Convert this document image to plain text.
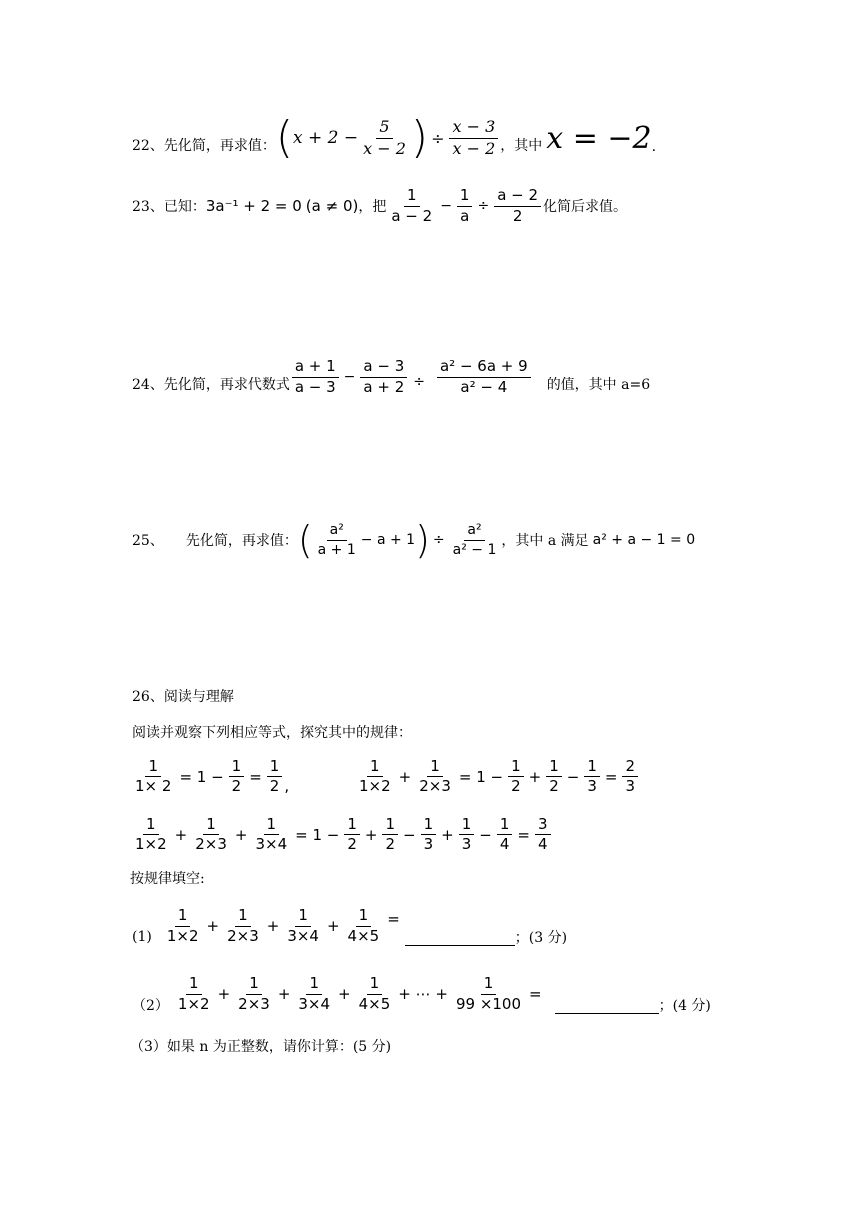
22、先化简，再求值： ( $x + 2 - \frac{5}{x - 2}$ ) ÷ $\frac{x - 3}{x - 2}$ ，其中 x = −2 .
23、已知： 3a⁻¹ + 2 = 0 (a ≠ 0) ，把 $\frac{1}{a - 2} - \frac{1}{a} \div \frac{a - 2}{2}$ 化简后求值。
24、先化简，再求代数式 $\frac{a + 1}{a - 3} - \frac{a - 3}{a + 2} \div \frac{\text{a² − 6a + 9}}{\text{a² − 4}}$ 的值，其中 a=6
25、 先化简，再求值： ( $\frac{\text{a²}}{a + 1} - a + 1$ ) ÷ $\frac{\text{a²}}{\text{a² − 1}}$ ，其中 a 满足 a² + a − 1 = 0
26、阅读与理解
阅读并观察下列相应等式，探究其中的规律：
$\frac{1}{1\times 2} = 1 - \frac{1}{2} = \frac{1}{2}$ ,	$\frac{1}{1\times 2} + \frac{1}{2\times 3} = 1 - \frac{1}{2} + \frac{1}{2} - \frac{1}{3} = \frac{2}{3}$
$\frac{1}{1\times 2} + \frac{1}{2\times 3} + \frac{1}{3\times 4} = 1 - \frac{1}{2} + \frac{1}{2} - \frac{1}{3} + \frac{1}{3} - \frac{1}{4} = \frac{3}{4}$
按规律填空:
$(1) \frac{1}{1\times 2} + \frac{1}{2\times 3} + \frac{1}{3\times 4} + \frac{1}{4\times 5}$ =
；(3 分)
$(2) \frac{1}{1\times 2} + \frac{1}{2\times 3} + \frac{1}{3\times 4} + \frac{1}{4\times 5}$ + ⋯ + $\frac{1}{99 \times 100}$ =
；(4 分)
（3）如果 n 为正整数，请你计算：(5 分)
